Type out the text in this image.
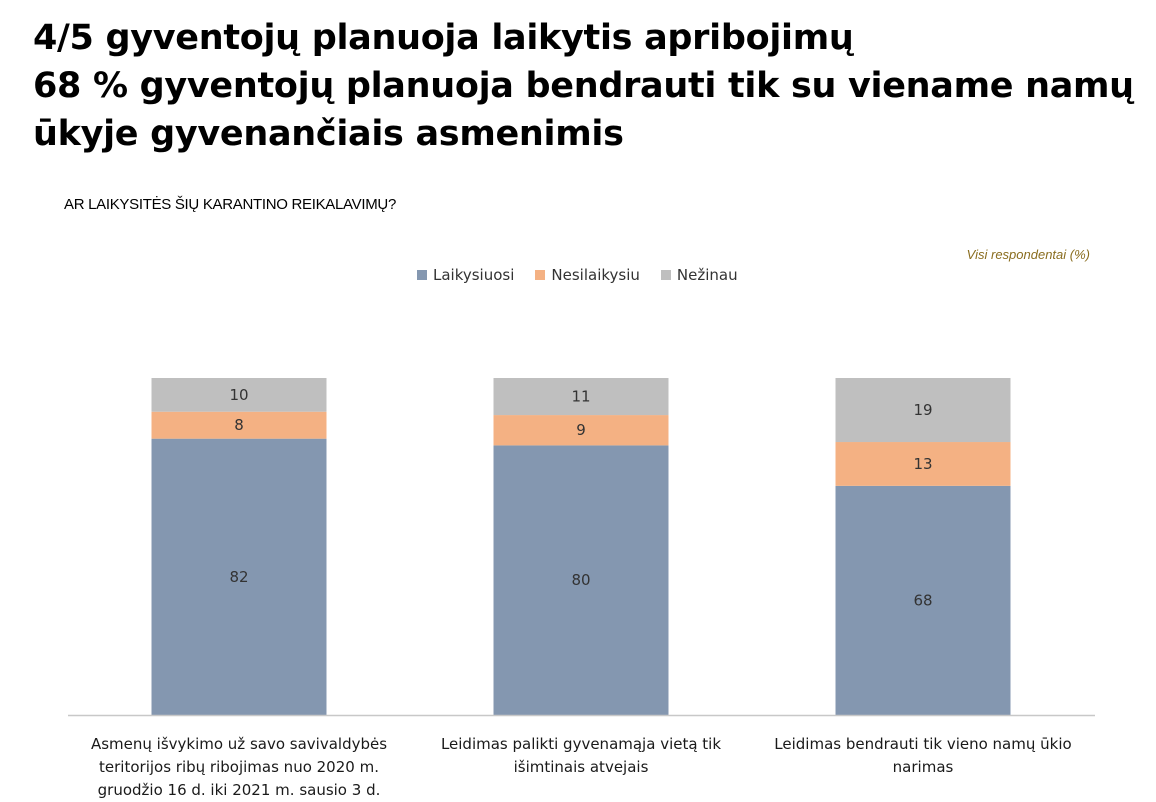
4/5 gyventojų planuoja laikytis apribojimų
68 % gyventojų planuoja bendrauti tik su viename namų
ūkyje gyvenančiais asmenimis
AR LAIKYSITĖS ŠIŲ KARANTINO REIKALAVIMŲ?
Visi respondentai (%)
Laikysiuosi Nesilaikysiu Nežinau
82
8
10
80
9
11
68
13
19
Asmenų išvykimo už savo savivaldybės teritorijos ribų ribojimas nuo 2020 m. gruodžio 16 d. iki 2021 m. sausio 3 d.
Leidimas palikti gyvenamąja vietą tik išimtinais atvejais
Leidimas bendrauti tik vieno namų ūkio narimas
